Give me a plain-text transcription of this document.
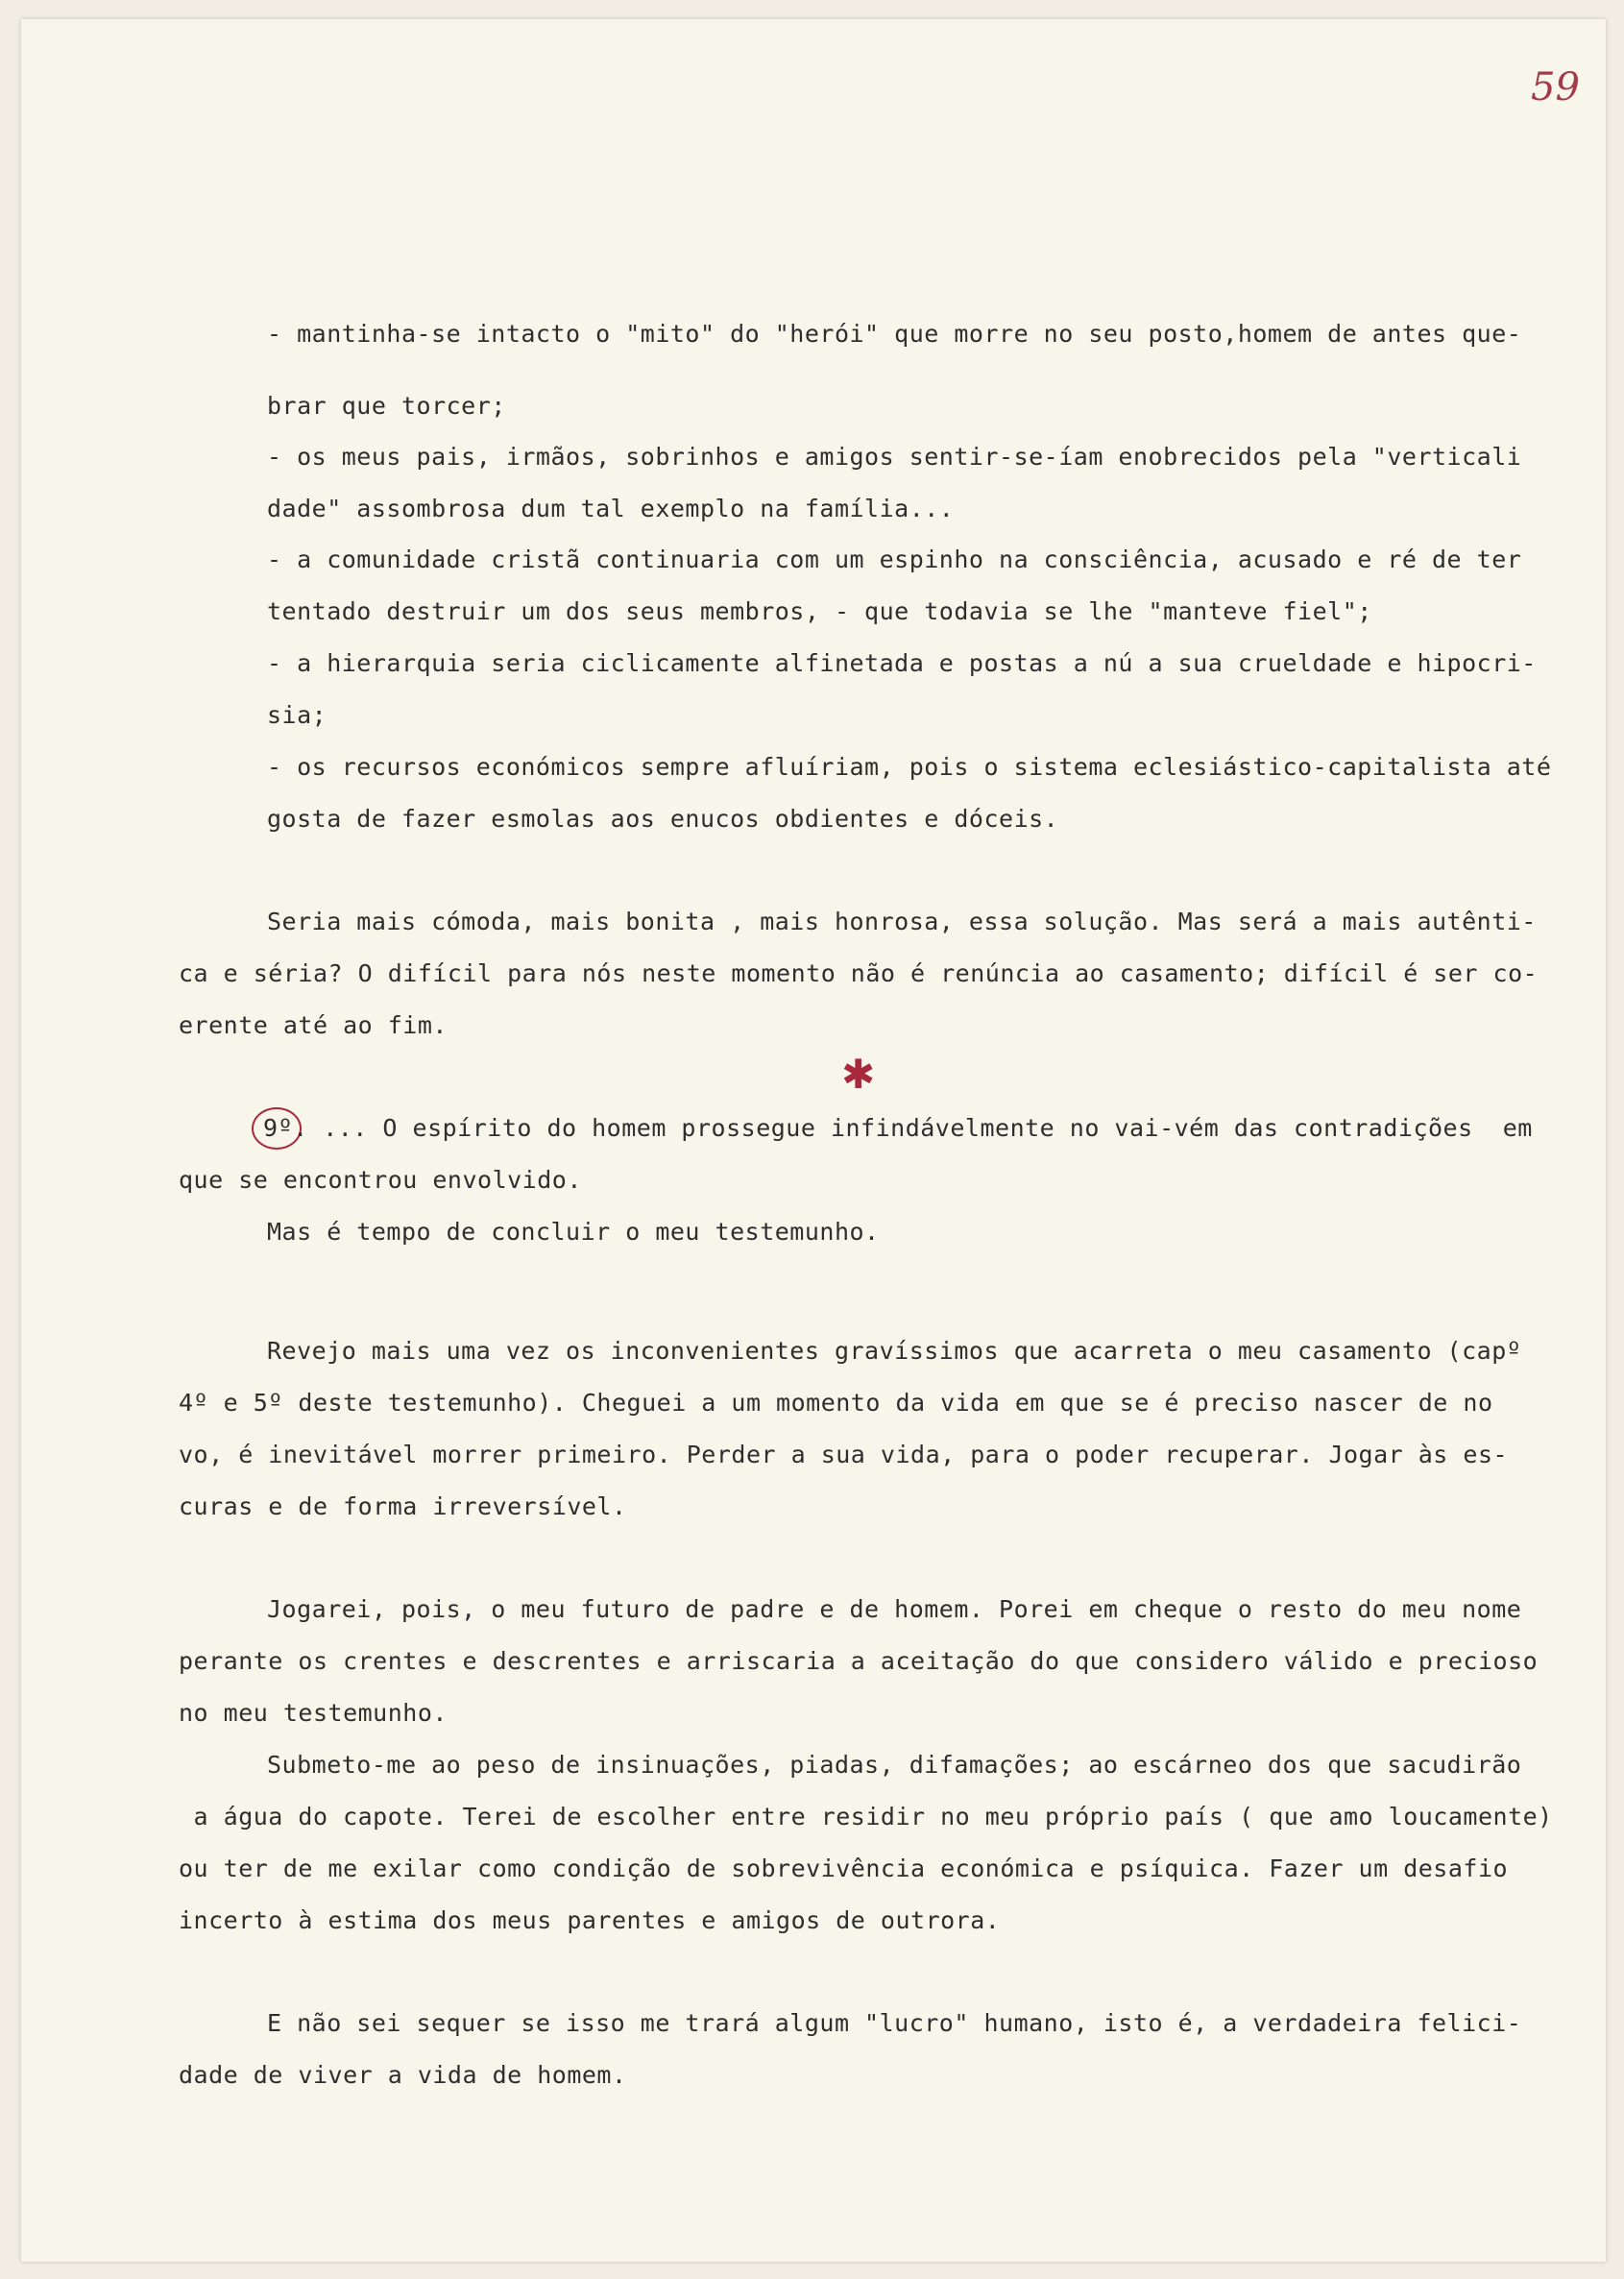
59
- mantinha-se intacto o "mito" do "herói" que morre no seu posto,homem de antes que-
brar que torcer;
- os meus pais, irmãos, sobrinhos e amigos sentir-se-íam enobrecidos pela "verticali
dade" assombrosa dum tal exemplo na família...
- a comunidade cristã continuaria com um espinho na consciência, acusado e ré de ter
tentado destruir um dos seus membros, - que todavia se lhe "manteve fiel";
- a hierarquia seria ciclicamente alfinetada e postas a nú a sua crueldade e hipocri-
sia;
- os recursos económicos sempre afluíriam, pois o sistema eclesiástico-capitalista até
gosta de fazer esmolas aos enucos obdientes e dóceis.
Seria mais cómoda, mais bonita , mais honrosa, essa solução. Mas será a mais autênti-
ca e séria? O difícil para nós neste momento não é renúncia ao casamento; difícil é ser co-
erente até ao fim.
✱
9º. ... O espírito do homem prossegue infindávelmente no vai-vém das contradições  em
que se encontrou envolvido.
Mas é tempo de concluir o meu testemunho.
Revejo mais uma vez os inconvenientes gravíssimos que acarreta o meu casamento (capº
4º e 5º deste testemunho). Cheguei a um momento da vida em que se é preciso nascer de no
vo, é inevitável morrer primeiro. Perder a sua vida, para o poder recuperar. Jogar às es-
curas e de forma irreversível.
Jogarei, pois, o meu futuro de padre e de homem. Porei em cheque o resto do meu nome
perante os crentes e descrentes e arriscaria a aceitação do que considero válido e precioso
no meu testemunho.
Submeto-me ao peso de insinuações, piadas, difamações; ao escárneo dos que sacudirão
a água do capote. Terei de escolher entre residir no meu próprio país ( que amo loucamente)
ou ter de me exilar como condição de sobrevivência económica e psíquica. Fazer um desafio
incerto à estima dos meus parentes e amigos de outrora.
E não sei sequer se isso me trará algum "lucro" humano, isto é, a verdadeira felici-
dade de viver a vida de homem.
